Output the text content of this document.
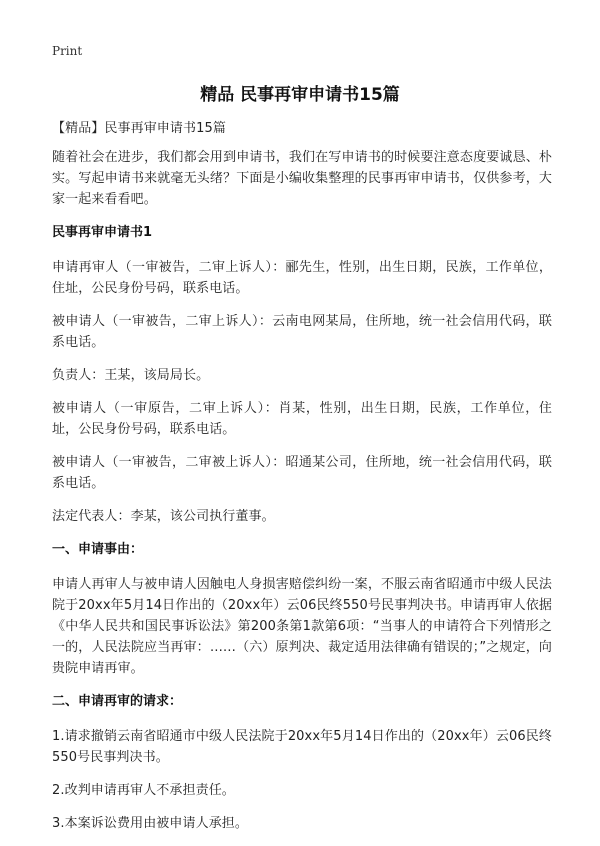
Print
精品 民事再审申请书15篇

【精品】民事再审申请书15篇

随着社会在进步，我们都会用到申请书，我们在写申请书的时候要注意态度要诚恳、朴实。写起申请书来就毫无头绪？下面是小编收集整理的民事再审申请书，仅供参考，大家一起来看看吧。

民事再审申请书1

申请再审人（一审被告，二审上诉人）：郦先生，性别，出生日期，民族，工作单位，住址，公民身份号码，联系电话。

被申请人（一审被告，二审上诉人）：云南电网某局，住所地，统一社会信用代码，联系电话。

负责人：王某，该局局长。

被申请人（一审原告，二审上诉人）：肖某，性别，出生日期，民族，工作单位，住址，公民身份号码，联系电话。

被申请人（一审被告，二审被上诉人）：昭通某公司，住所地，统一社会信用代码，联系电话。

法定代表人：李某，该公司执行董事。

一、申请事由：

申请人再审人与被申请人因触电人身损害赔偿纠纷一案，不服云南省昭通市中级人民法院于20xx年5月14日作出的（20xx年）云06民终550号民事判决书。申请再审人依据《中华人民共和国民事诉讼法》第200条第1款第6项：“当事人的申请符合下列情形之一的，人民法院应当再审：……（六）原判决、裁定适用法律确有错误的；”之规定，向贵院申请再审。

二、申请再审的请求：

1.请求撤销云南省昭通市中级人民法院于20xx年5月14日作出的（20xx年）云06民终550号民事判决书。

2.改判申请再审人不承担责任。

3.本案诉讼费用由被申请人承担。
